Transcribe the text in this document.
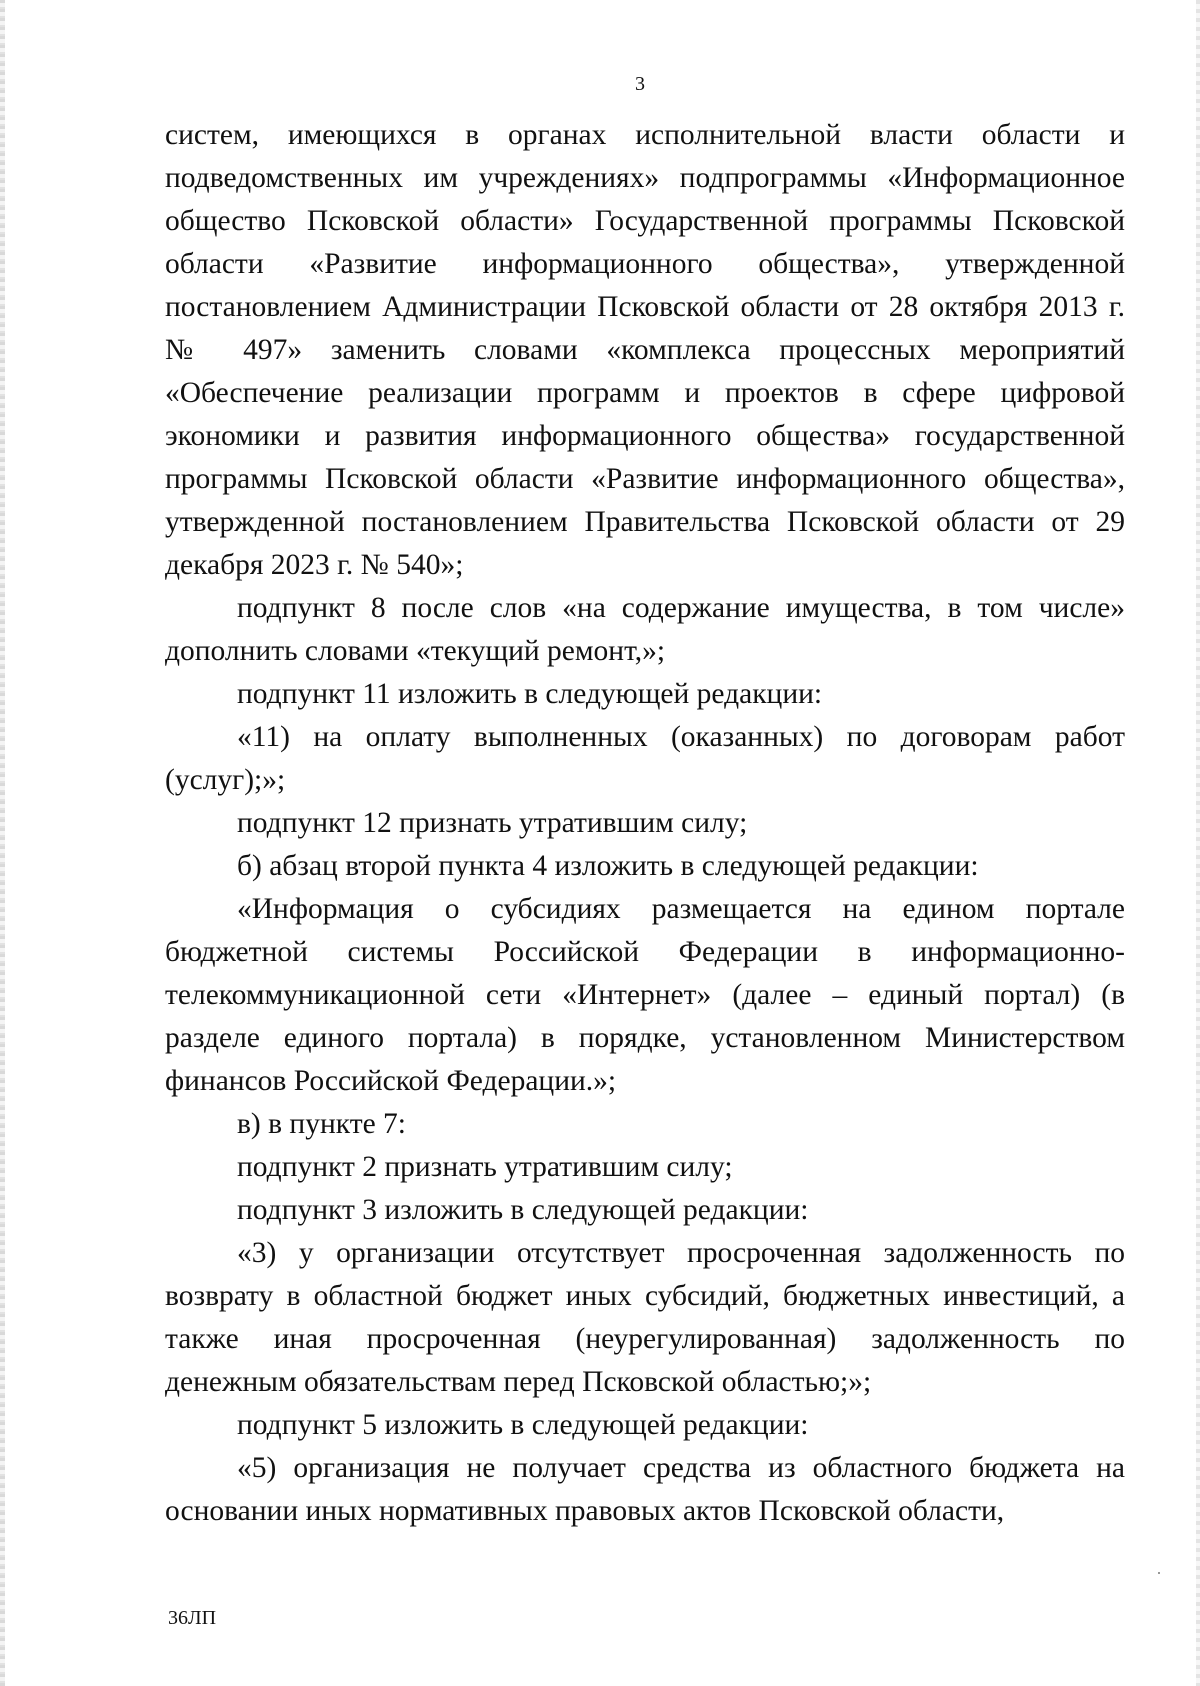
3

систем, имеющихся в органах исполнительной власти области и подведомственных им учреждениях» подпрограммы «Информационное общество Псковской области» Государственной программы Псковской области «Развитие информационного общества», утвержденной постановлением Администрации Псковской области от 28 октября 2013 г. № 497» заменить словами «комплекса процессных мероприятий «Обеспечение реализации программ и проектов в сфере цифровой экономики и развития информационного общества» государственной программы Псковской области «Развитие информационного общества», утвержденной постановлением Правительства Псковской области от 29 декабря 2023 г. № 540»;

подпункт 8 после слов «на содержание имущества, в том числе» дополнить словами «текущий ремонт,»;

подпункт 11 изложить в следующей редакции:

«11) на оплату выполненных (оказанных) по договорам работ (услуг);»;

подпункт 12 признать утратившим силу;

б) абзац второй пункта 4 изложить в следующей редакции:

«Информация о субсидиях размещается на едином портале бюджетной системы Российской Федерации в информационно-телекоммуникационной сети «Интернет» (далее – единый портал) (в разделе единого портала) в порядке, установленном Министерством финансов Российской Федерации.»;

в) в пункте 7:

подпункт 2 признать утратившим силу;

подпункт 3 изложить в следующей редакции:

«3) у организации отсутствует просроченная задолженность по возврату в областной бюджет иных субсидий, бюджетных инвестиций, а также иная просроченная (неурегулированная) задолженность по денежным обязательствам перед Псковской областью;»;

подпункт 5 изложить в следующей редакции:

«5) организация не получает средства из областного бюджета на основании иных нормативных правовых актов Псковской области,

36ЛП
